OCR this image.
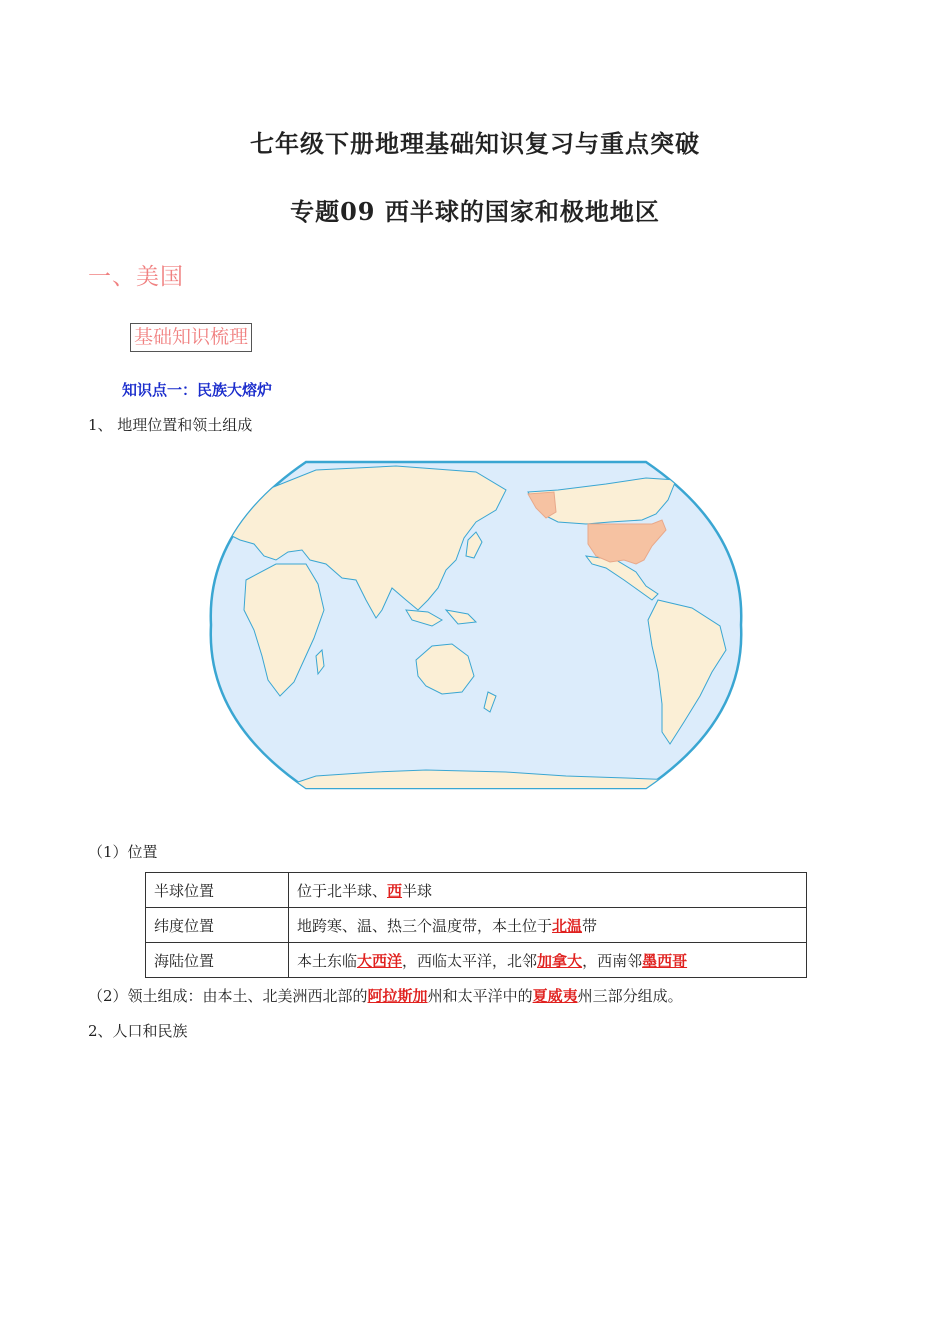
七年级下册地理基础知识复习与重点突破
专题09 西半球的国家和极地地区
一、美国
基础知识梳理
知识点一：民族大熔炉
1、 地理位置和领土组成
（1）位置
半球位置	位于北半球、西半球
纬度位置	地跨寒、温、热三个温度带，本土位于北温带
海陆位置	本土东临大西洋，西临太平洋，北邻加拿大，西南邻墨西哥
（2）领土组成：由本土、北美洲西北部的阿拉斯加州和太平洋中的夏威夷州三部分组成。
2、人口和民族
